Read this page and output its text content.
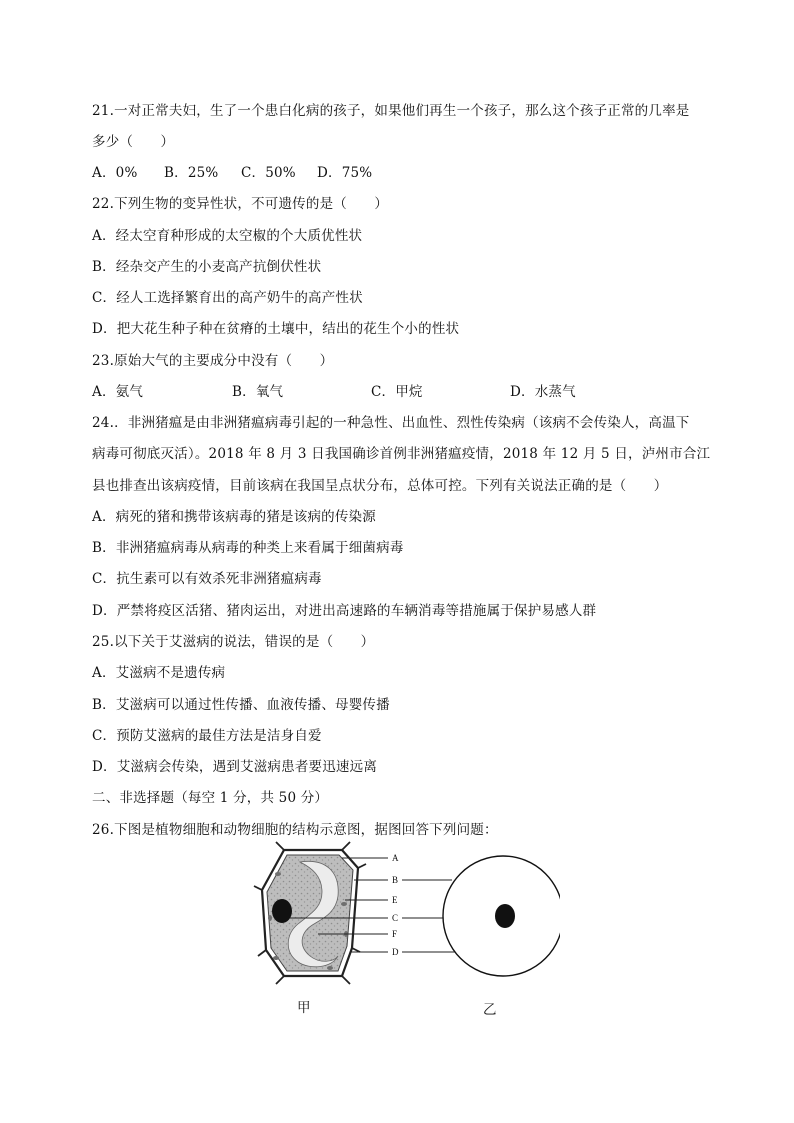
21.一对正常夫妇，生了一个患白化病的孩子，如果他们再生一个孩子，那么这个孩子正常的几率是
多少（　　）
A．0% B．25% C．50% D．75%
22.下列生物的变异性状，不可遗传的是（　　）
A．经太空育种形成的太空椒的个大质优性状
B．经杂交产生的小麦高产抗倒伏性状
C．经人工选择繁育出的高产奶牛的高产性状
D．把大花生种子种在贫瘠的土壤中，结出的花生个小的性状
23.原始大气的主要成分中没有（　　）
A．氨气	B．氧气	C．甲烷	D．水蒸气
24.．非洲猪瘟是由非洲猪瘟病毒引起的一种急性、出血性、烈性传染病（该病不会传染人，高温下
病毒可彻底灭活）。2018 年 8 月 3 日我国确诊首例非洲猪瘟疫情，2018 年 12 月 5 日，泸州市合江
县也排查出该病疫情，目前该病在我国呈点状分布，总体可控。下列有关说法正确的是（　　）
A．病死的猪和携带该病毒的猪是该病的传染源
B．非洲猪瘟病毒从病毒的种类上来看属于细菌病毒
C．抗生素可以有效杀死非洲猪瘟病毒
D．严禁将疫区活猪、猪肉运出，对进出高速路的车辆消毒等措施属于保护易感人群
25.以下关于艾滋病的说法，错误的是（　　）
A．艾滋病不是遗传病
B．艾滋病可以通过性传播、血液传播、母婴传播
C．预防艾滋病的最佳方法是洁身自爱
D．艾滋病会传染，遇到艾滋病患者要迅速远离
二、非选择题（每空 1 分，共 50 分）
26.下图是植物细胞和动物细胞的结构示意图，据图回答下列问题：
A
B
E
C
F
D
甲	乙
